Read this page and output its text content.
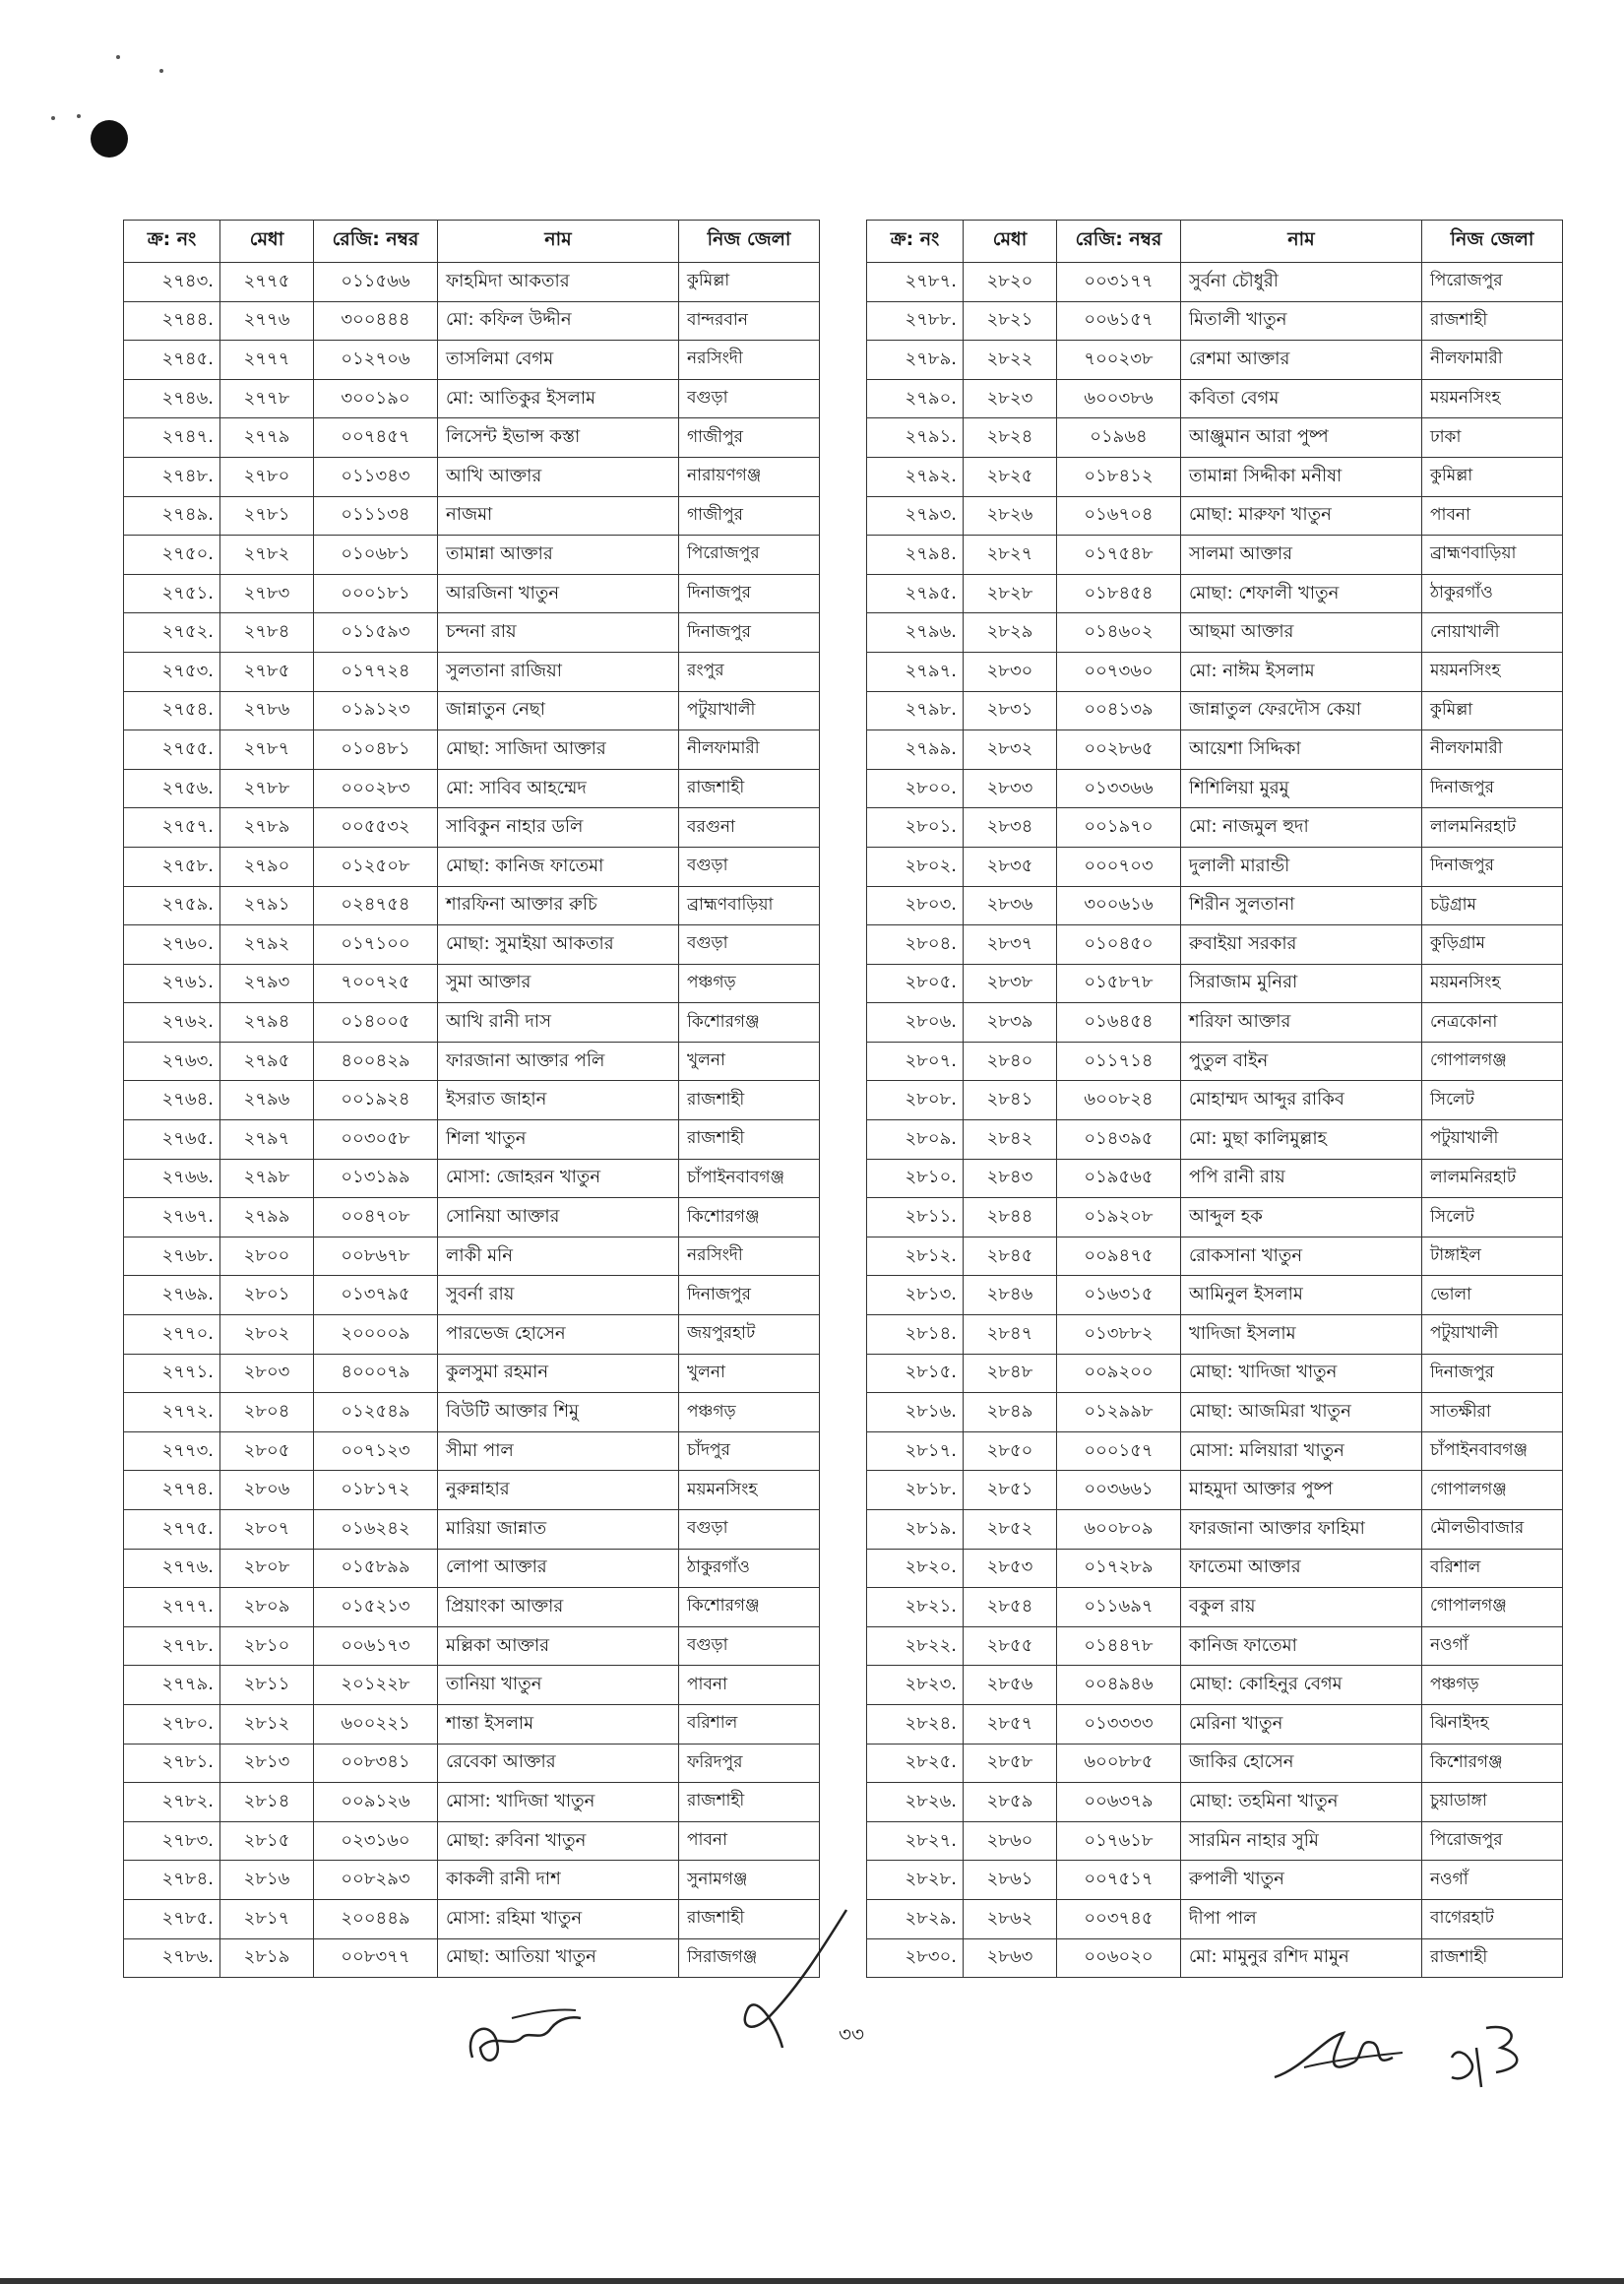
ক্র: নং	মেধা	রেজি: নম্বর	নাম	নিজ জেলা
২৭৪৩.	২৭৭৫	০১১৫৬৬	ফাহমিদা আকতার	কুমিল্লা
২৭৪৪.	২৭৭৬	৩০০৪৪৪	মো: কফিল উদ্দীন	বান্দরবান
২৭৪৫.	২৭৭৭	০১২৭০৬	তাসলিমা বেগম	নরসিংদী
২৭৪৬.	২৭৭৮	৩০০১৯০	মো: আতিকুর ইসলাম	বগুড়া
২৭৪৭.	২৭৭৯	০০৭৪৫৭	লিসেন্ট ইভান্স কস্তা	গাজীপুর
২৭৪৮.	২৭৮০	০১১৩৪৩	আখি আক্তার	নারায়ণগঞ্জ
২৭৪৯.	২৭৮১	০১১১৩৪	নাজমা	গাজীপুর
২৭৫০.	২৭৮২	০১০৬৮১	তামান্না আক্তার	পিরোজপুর
২৭৫১.	২৭৮৩	০০০১৮১	আরজিনা খাতুন	দিনাজপুর
২৭৫২.	২৭৮৪	০১১৫৯৩	চন্দনা রায়	দিনাজপুর
২৭৫৩.	২৭৮৫	০১৭৭২৪	সুলতানা রাজিয়া	রংপুর
২৭৫৪.	২৭৮৬	০১৯১২৩	জান্নাতুন নেছা	পটুয়াখালী
২৭৫৫.	২৭৮৭	০১০৪৮১	মোছা: সাজিদা আক্তার	নীলফামারী
২৭৫৬.	২৭৮৮	০০০২৮৩	মো: সাবিব আহম্মেদ	রাজশাহী
২৭৫৭.	২৭৮৯	০০৫৫৩২	সাবিকুন নাহার ডলি	বরগুনা
২৭৫৮.	২৭৯০	০১২৫০৮	মোছা: কানিজ ফাতেমা	বগুড়া
২৭৫৯.	২৭৯১	০২৪৭৫৪	শারফিনা আক্তার রুচি	ব্রাহ্মণবাড়িয়া
২৭৬০.	২৭৯২	০১৭১০০	মোছা: সুমাইয়া আকতার	বগুড়া
২৭৬১.	২৭৯৩	৭০০৭২৫	সুমা আক্তার	পঞ্চগড়
২৭৬২.	২৭৯৪	০১৪০০৫	আখি রানী দাস	কিশোরগঞ্জ
২৭৬৩.	২৭৯৫	৪০০৪২৯	ফারজানা আক্তার পলি	খুলনা
২৭৬৪.	২৭৯৬	০০১৯২৪	ইসরাত জাহান	রাজশাহী
২৭৬৫.	২৭৯৭	০০৩০৫৮	শিলা খাতুন	রাজশাহী
২৭৬৬.	২৭৯৮	০১৩১৯৯	মোসা: জোহরন খাতুন	চাঁপাইনবাবগঞ্জ
২৭৬৭.	২৭৯৯	০০৪৭০৮	সোনিয়া আক্তার	কিশোরগঞ্জ
২৭৬৮.	২৮০০	০০৮৬৭৮	লাকী মনি	নরসিংদী
২৭৬৯.	২৮০১	০১৩৭৯৫	সুবর্না রায়	দিনাজপুর
২৭৭০.	২৮০২	২০০০০৯	পারভেজ হোসেন	জয়পুরহাট
২৭৭১.	২৮০৩	৪০০০৭৯	কুলসুমা রহমান	খুলনা
২৭৭২.	২৮০৪	০১২৫৪৯	বিউটি আক্তার শিমু	পঞ্চগড়
২৭৭৩.	২৮০৫	০০৭১২৩	সীমা পাল	চাঁদপুর
২৭৭৪.	২৮০৬	০১৮১৭২	নুরুন্নাহার	ময়মনসিংহ
২৭৭৫.	২৮০৭	০১৬২৪২	মারিয়া জান্নাত	বগুড়া
২৭৭৬.	২৮০৮	০১৫৮৯৯	লোপা আক্তার	ঠাকুরগাঁও
২৭৭৭.	২৮০৯	০১৫২১৩	প্রিয়াংকা আক্তার	কিশোরগঞ্জ
২৭৭৮.	২৮১০	০০৬১৭৩	মল্লিকা আক্তার	বগুড়া
২৭৭৯.	২৮১১	২০১২২৮	তানিয়া খাতুন	পাবনা
২৭৮০.	২৮১২	৬০০২২১	শান্তা ইসলাম	বরিশাল
২৭৮১.	২৮১৩	০০৮৩৪১	রেবেকা আক্তার	ফরিদপুর
২৭৮২.	২৮১৪	০০৯১২৬	মোসা: খাদিজা খাতুন	রাজশাহী
২৭৮৩.	২৮১৫	০২৩১৬০	মোছা: রুবিনা খাতুন	পাবনা
২৭৮৪.	২৮১৬	০০৮২৯৩	কাকলী রানী দাশ	সুনামগঞ্জ
২৭৮৫.	২৮১৭	২০০৪৪৯	মোসা: রহিমা খাতুন	রাজশাহী
২৭৮৬.	২৮১৯	০০৮৩৭৭	মোছা: আতিয়া খাতুন	সিরাজগঞ্জ
ক্র: নং	মেধা	রেজি: নম্বর	নাম	নিজ জেলা
২৭৮৭.	২৮২০	০০৩১৭৭	সুর্বনা চৌধুরী	পিরোজপুর
২৭৮৮.	২৮২১	০০৬১৫৭	মিতালী খাতুন	রাজশাহী
২৭৮৯.	২৮২২	৭০০২৩৮	রেশমা আক্তার	নীলফামারী
২৭৯০.	২৮২৩	৬০০৩৮৬	কবিতা বেগম	ময়মনসিংহ
২৭৯১.	২৮২৪	০১৯৬৪	আঞ্জুমান আরা পুষ্প	ঢাকা
২৭৯২.	২৮২৫	০১৮৪১২	তামান্না সিদ্দীকা মনীষা	কুমিল্লা
২৭৯৩.	২৮২৬	০১৬৭০৪	মোছা: মারুফা খাতুন	পাবনা
২৭৯৪.	২৮২৭	০১৭৫৪৮	সালমা আক্তার	ব্রাহ্মণবাড়িয়া
২৭৯৫.	২৮২৮	০১৮৪৫৪	মোছা: শেফালী খাতুন	ঠাকুরগাঁও
২৭৯৬.	২৮২৯	০১৪৬০২	আছমা আক্তার	নোয়াখালী
২৭৯৭.	২৮৩০	০০৭৩৬০	মো: নাঈম ইসলাম	ময়মনসিংহ
২৭৯৮.	২৮৩১	০০৪১৩৯	জান্নাতুল ফেরদৌস কেয়া	কুমিল্লা
২৭৯৯.	২৮৩২	০০২৮৬৫	আয়েশা সিদ্দিকা	নীলফামারী
২৮০০.	২৮৩৩	০১৩৩৬৬	শিশিলিয়া মুরমু	দিনাজপুর
২৮০১.	২৮৩৪	০০১৯৭০	মো: নাজমুল হুদা	লালমনিরহাট
২৮০২.	২৮৩৫	০০০৭০৩	দুলালী মারান্ডী	দিনাজপুর
২৮০৩.	২৮৩৬	৩০০৬১৬	শিরীন সুলতানা	চট্টগ্রাম
২৮০৪.	২৮৩৭	০১০৪৫০	রুবাইয়া সরকার	কুড়িগ্রাম
২৮০৫.	২৮৩৮	০১৫৮৭৮	সিরাজাম মুনিরা	ময়মনসিংহ
২৮০৬.	২৮৩৯	০১৬৪৫৪	শরিফা আক্তার	নেত্রকোনা
২৮০৭.	২৮৪০	০১১৭১৪	পুতুল বাইন	গোপালগঞ্জ
২৮০৮.	২৮৪১	৬০০৮২৪	মোহাম্মদ আব্দুর রাকিব	সিলেট
২৮০৯.	২৮৪২	০১৪৩৯৫	মো: মুছা কালিমুল্লাহ	পটুয়াখালী
২৮১০.	২৮৪৩	০১৯৫৬৫	পপি রানী রায়	লালমনিরহাট
২৮১১.	২৮৪৪	০১৯২০৮	আব্দুল হক	সিলেট
২৮১২.	২৮৪৫	০০৯৪৭৫	রোকসানা খাতুন	টাঙ্গাইল
২৮১৩.	২৮৪৬	০১৬৩১৫	আমিনুল ইসলাম	ভোলা
২৮১৪.	২৮৪৭	০১৩৮৮২	খাদিজা ইসলাম	পটুয়াখালী
২৮১৫.	২৮৪৮	০০৯২০০	মোছা: খাদিজা খাতুন	দিনাজপুর
২৮১৬.	২৮৪৯	০১২৯৯৮	মোছা: আজমিরা খাতুন	সাতক্ষীরা
২৮১৭.	২৮৫০	০০০১৫৭	মোসা: মলিয়ারা খাতুন	চাঁপাইনবাবগঞ্জ
২৮১৮.	২৮৫১	০০৩৬৬১	মাহমুদা আক্তার পুষ্প	গোপালগঞ্জ
২৮১৯.	২৮৫২	৬০০৮০৯	ফারজানা আক্তার ফাহিমা	মৌলভীবাজার
২৮২০.	২৮৫৩	০১৭২৮৯	ফাতেমা আক্তার	বরিশাল
২৮২১.	২৮৫৪	০১১৬৯৭	বকুল রায়	গোপালগঞ্জ
২৮২২.	২৮৫৫	০১৪৪৭৮	কানিজ ফাতেমা	নওগাঁ
২৮২৩.	২৮৫৬	০০৪৯৪৬	মোছা: কোহিনুর বেগম	পঞ্চগড়
২৮২৪.	২৮৫৭	০১৩৩৩৩	মেরিনা খাতুন	ঝিনাইদহ
২৮২৫.	২৮৫৮	৬০০৮৮৫	জাকির হোসেন	কিশোরগঞ্জ
২৮২৬.	২৮৫৯	০০৬৩৭৯	মোছা: তহমিনা খাতুন	চুয়াডাঙ্গা
২৮২৭.	২৮৬০	০১৭৬১৮	সারমিন নাহার সুমি	পিরোজপুর
২৮২৮.	২৮৬১	০০৭৫১৭	রুপালী খাতুন	নওগাঁ
২৮২৯.	২৮৬২	০০৩৭৪৫	দীপা পাল	বাগেরহাট
২৮৩০.	২৮৬৩	০০৬০২০	মো: মামুনুর রশিদ মামুন	রাজশাহী
৩৩
